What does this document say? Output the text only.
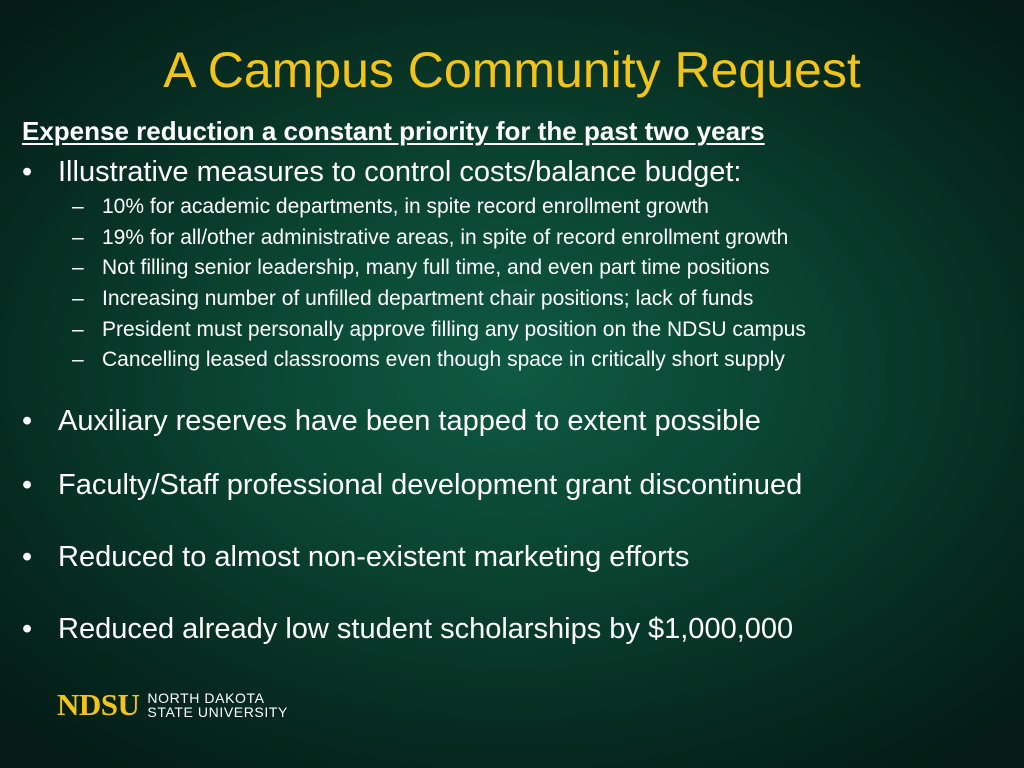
A Campus Community Request
Expense reduction a constant priority for the past two years
• Illustrative measures to control costs/balance budget:
– 10% for academic departments, in spite record enrollment growth
– 19% for all/other administrative areas, in spite of record enrollment growth
– Not filling senior leadership, many full time, and even part time positions
– Increasing number of unfilled department chair positions; lack of funds
– President must personally approve filling any position on the NDSU campus
– Cancelling leased classrooms even though space in critically short supply
• Auxiliary reserves have been tapped to extent possible
• Faculty/Staff professional development grant discontinued
• Reduced to almost non-existent marketing efforts
• Reduced already low student scholarships by $1,000,000
NDSU NORTH DAKOTA
STATE UNIVERSITY
